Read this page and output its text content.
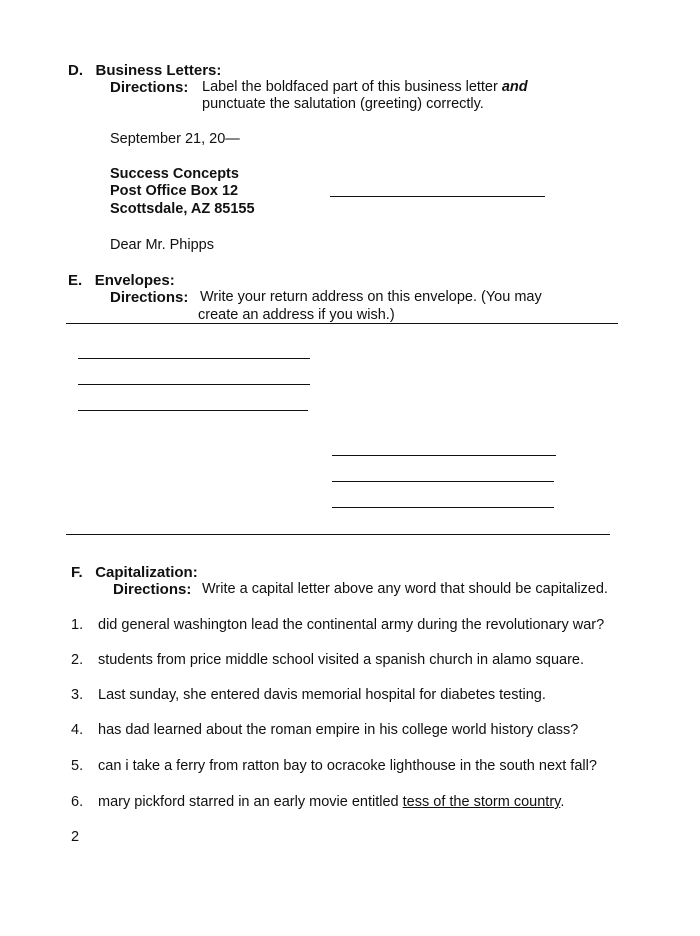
D. Business Letters:
Directions: Label the boldfaced part of this business letter and
punctuate the salutation (greeting) correctly.
September 21, 20—
Success Concepts
Post Office Box 12
Scottsdale, AZ 85155
Dear Mr. Phipps
E. Envelopes:
Directions: Write your return address on this envelope. (You may
create an address if you wish.)
F. Capitalization:
Directions: Write a capital letter above any word that should be capitalized.
1. did general washington lead the continental army during the revolutionary war?
2. students from price middle school visited a spanish church in alamo square.
3. Last sunday, she entered davis memorial hospital for diabetes testing.
4. has dad learned about the roman empire in his college world history class?
5. can i take a ferry from ratton bay to ocracoke lighthouse in the south next fall?
6. mary pickford starred in an early movie entitled tess of the storm country.
2
